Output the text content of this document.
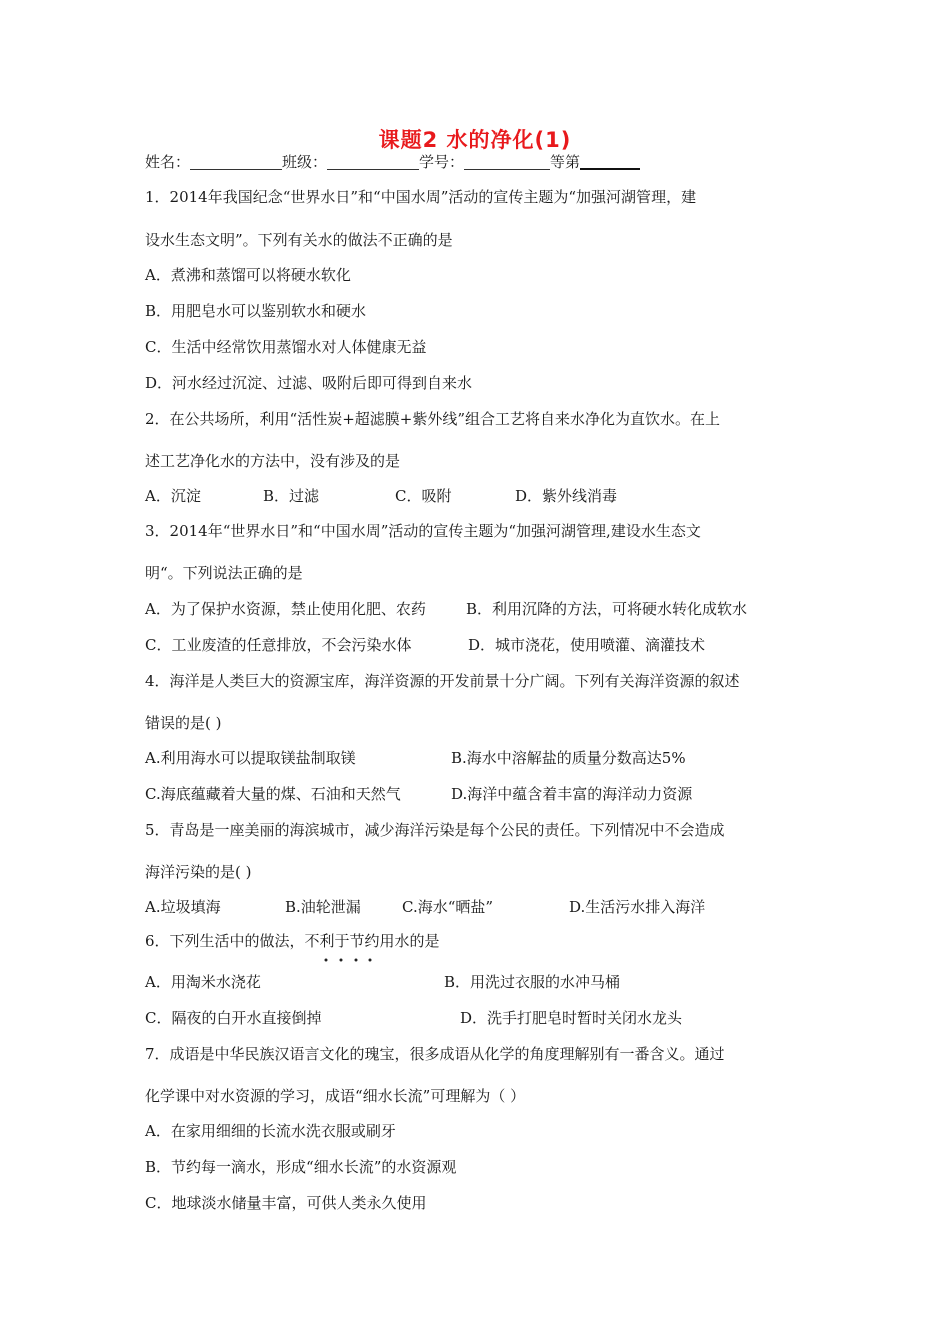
课题2 水的净化(1)
姓名：	班级：	学号：	等第
1．2014年我国纪念“世界水日”和“中国水周”活动的宣传主题为“加强河湖管理，建
设水生态文明”。下列有关水的做法不正确的是
A．煮沸和蒸馏可以将硬水软化
B．用肥皂水可以鉴别软水和硬水
C．生活中经常饮用蒸馏水对人体健康无益
D．河水经过沉淀、过滤、吸附后即可得到自来水
2．在公共场所，利用“活性炭+超滤膜+紫外线”组合工艺将自来水净化为直饮水。在上
述工艺净化水的方法中，没有涉及的是
A．沉淀	B．过滤	C．吸附	D．紫外线消毒
3．2014年“世界水日”和“中国水周”活动的宣传主题为“加强河湖管理,建设水生态文
明“。下列说法正确的是
A．为了保护水资源，禁止使用化肥、农药	B．利用沉降的方法，可将硬水转化成软水
C．工业废渣的任意排放，不会污染水体	D．城市浇花，使用喷灌、滴灌技术
4．海洋是人类巨大的资源宝库，海洋资源的开发前景十分广阔。下列有关海洋资源的叙述
错误的是( )
A.利用海水可以提取镁盐制取镁	B.海水中溶解盐的质量分数高达5%
C.海底蕴藏着大量的煤、石油和天然气	D.海洋中蕴含着丰富的海洋动力资源
5．青岛是一座美丽的海滨城市，减少海洋污染是每个公民的责任。下列情况中不会造成
海洋污染的是( )
A.垃圾填海	B.油轮泄漏	C.海水“晒盐”	D.生活污水排入海洋
6．下列生活中的做法，不利于节约用水的是
A．用淘米水浇花	B．用洗过衣服的水冲马桶
C．隔夜的白开水直接倒掉	D．洗手打肥皂时暂时关闭水龙头
7．成语是中华民族汉语言文化的瑰宝，很多成语从化学的角度理解别有一番含义。通过
化学课中对水资源的学习，成语“细水长流”可理解为（ ）
A．在家用细细的长流水洗衣服或刷牙
B．节约每一滴水，形成“细水长流”的水资源观
C．地球淡水储量丰富，可供人类永久使用
